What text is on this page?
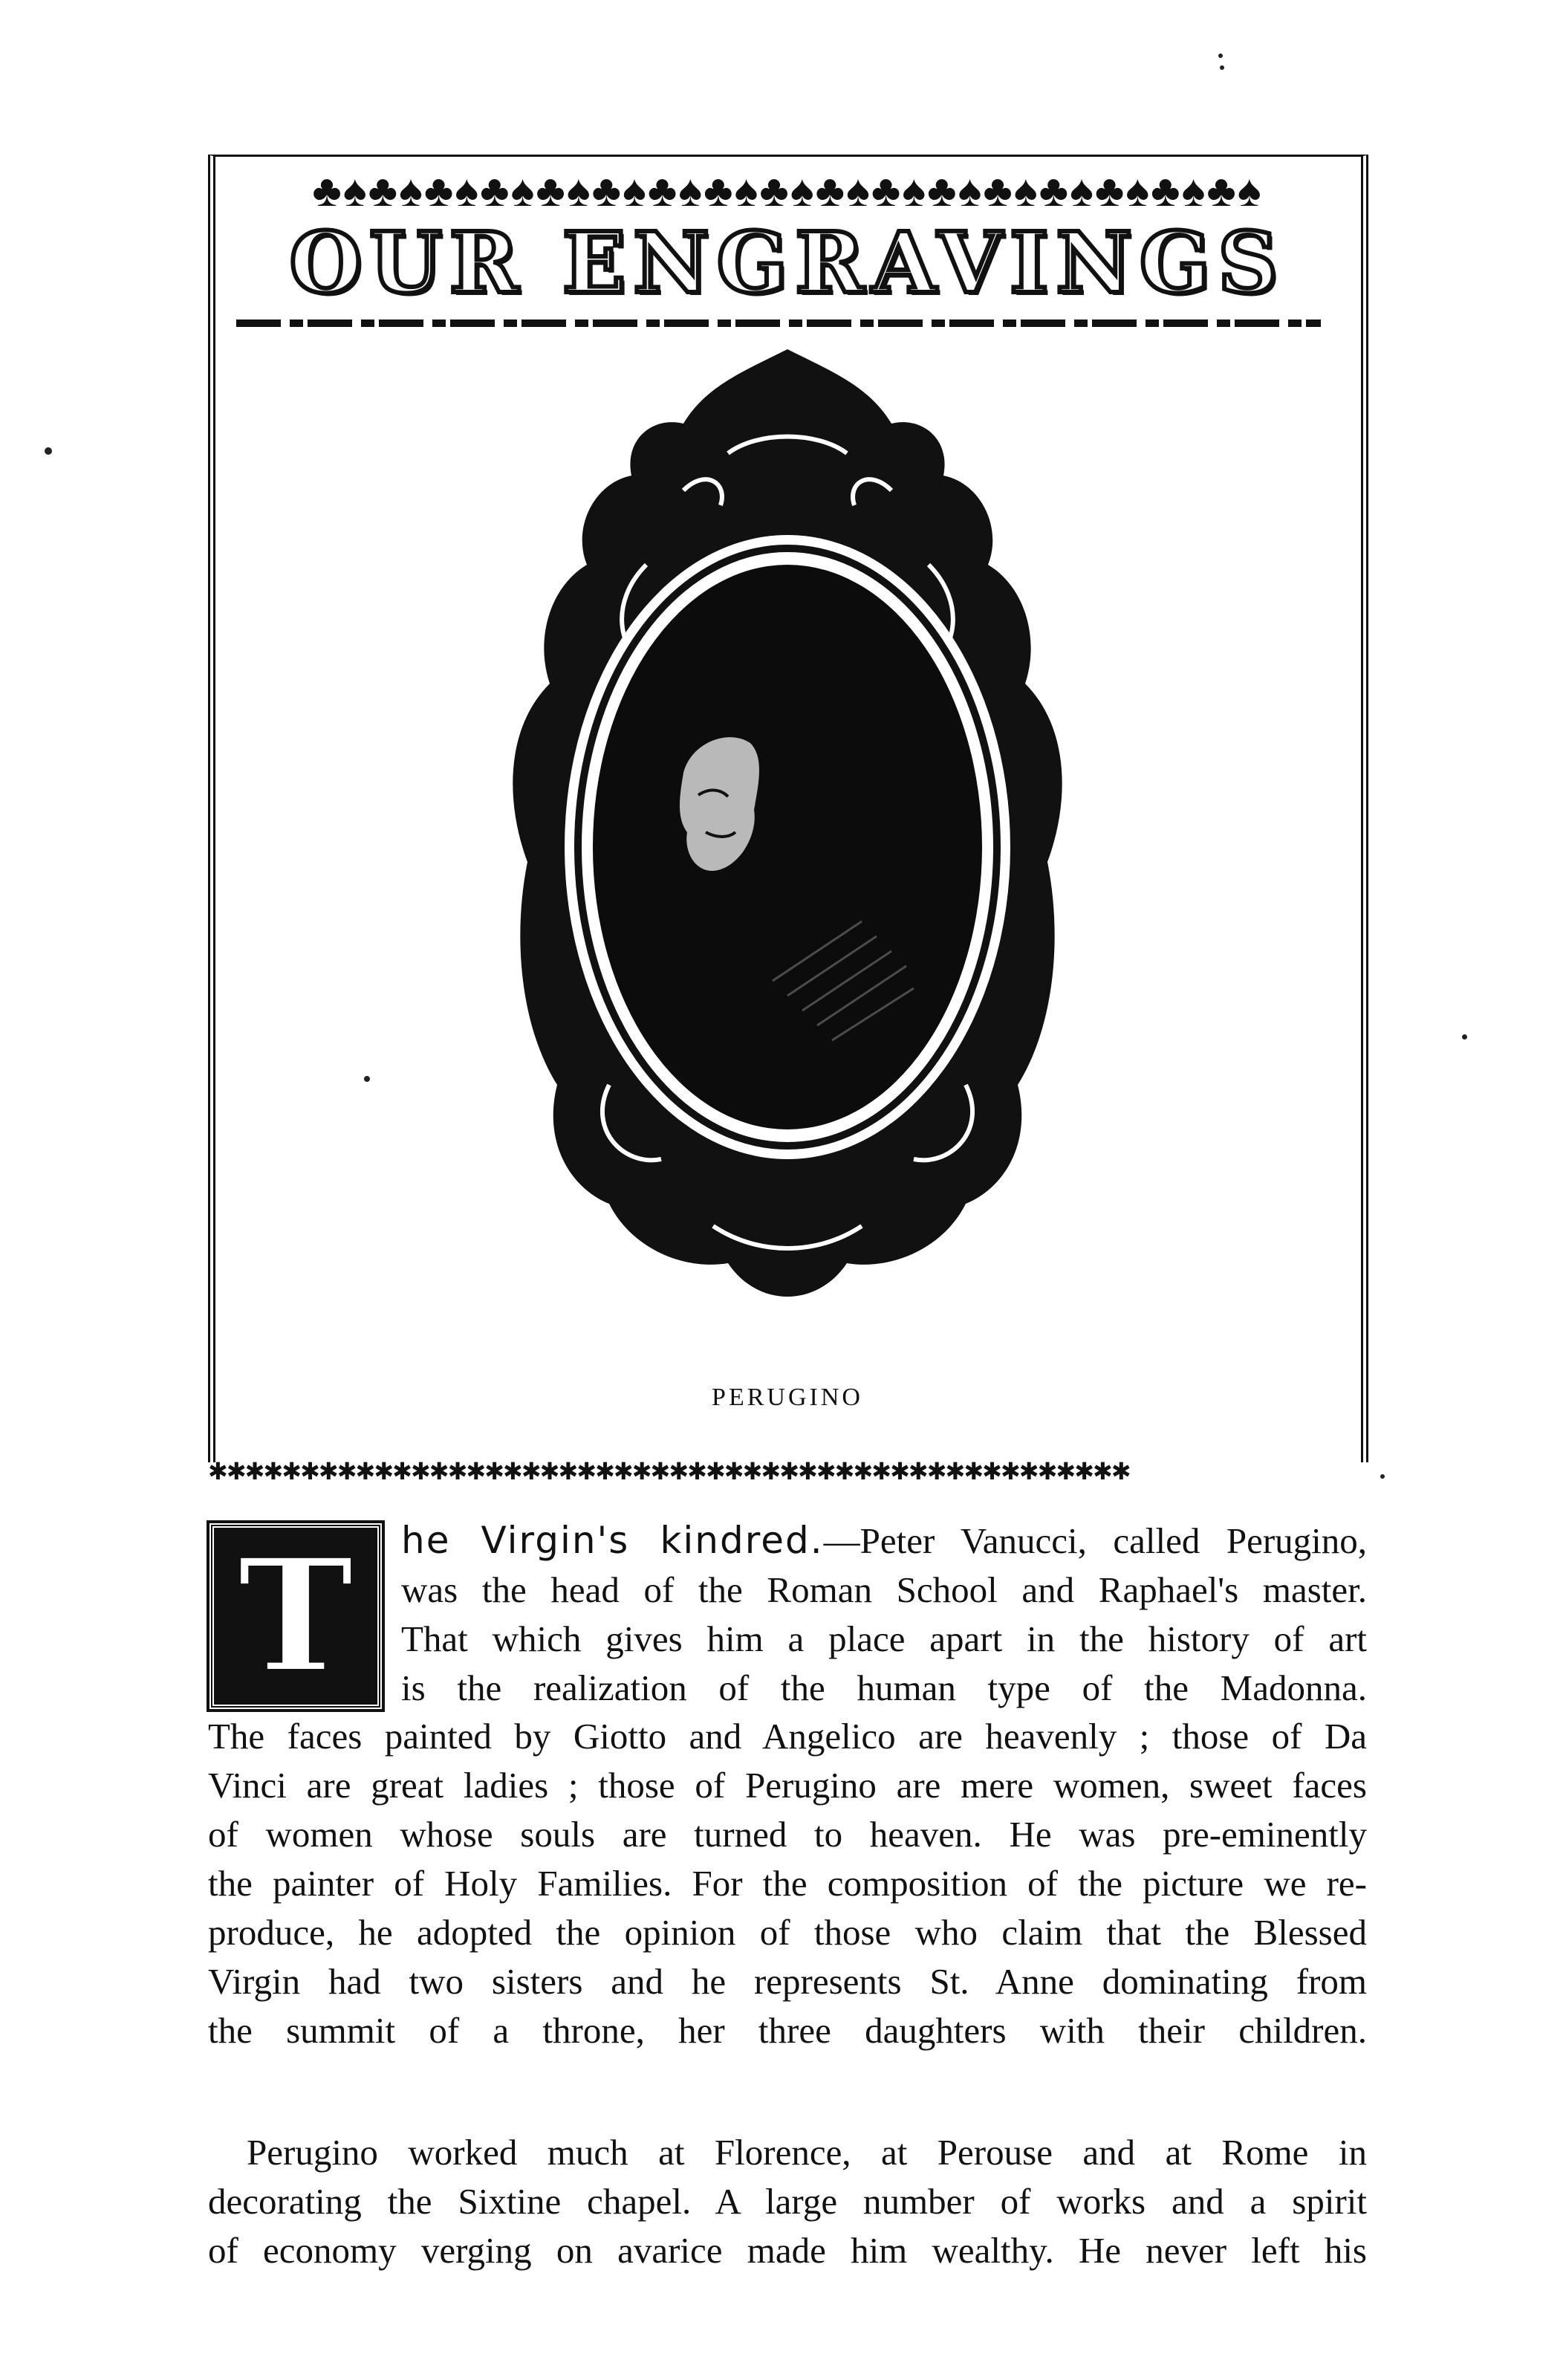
♣♠♣♠♣♠♣♠♣♠♣♠♣♠♣♠♣♠♣♠♣♠♣♠♣♠♣♠♣♠♣♠♣♠
OUR ENGRAVINGS
PERUGINO
✱✱✱✱✱✱✱✱✱✱✱✱✱✱✱✱✱✱✱✱✱✱✱✱✱✱✱✱✱✱✱✱✱✱✱✱✱✱✱✱✱✱✱✱✱✱✱✱✱✱
T he Virgin's kindred.—Peter Vanucci, called Perugino,
was the head of the Roman School and Raphael's master.
That which gives him a place apart in the history of art
is the realization of the human type of the Madonna.
The faces painted by Giotto and Angelico are heavenly ; those of Da
Vinci are great ladies ; those of Perugino are mere women, sweet faces
of women whose souls are turned to heaven. He was pre-eminently
the painter of Holy Families. For the composition of the picture we re-
produce, he adopted the opinion of those who claim that the Blessed
Virgin had two sisters and he represents St. Anne dominating from
the summit of a throne, her three daughters with their children.
Perugino worked much at Florence, at Perouse and at Rome in
decorating the Sixtine chapel. A large number of works and a spirit
of economy verging on avarice made him wealthy. He never left his
